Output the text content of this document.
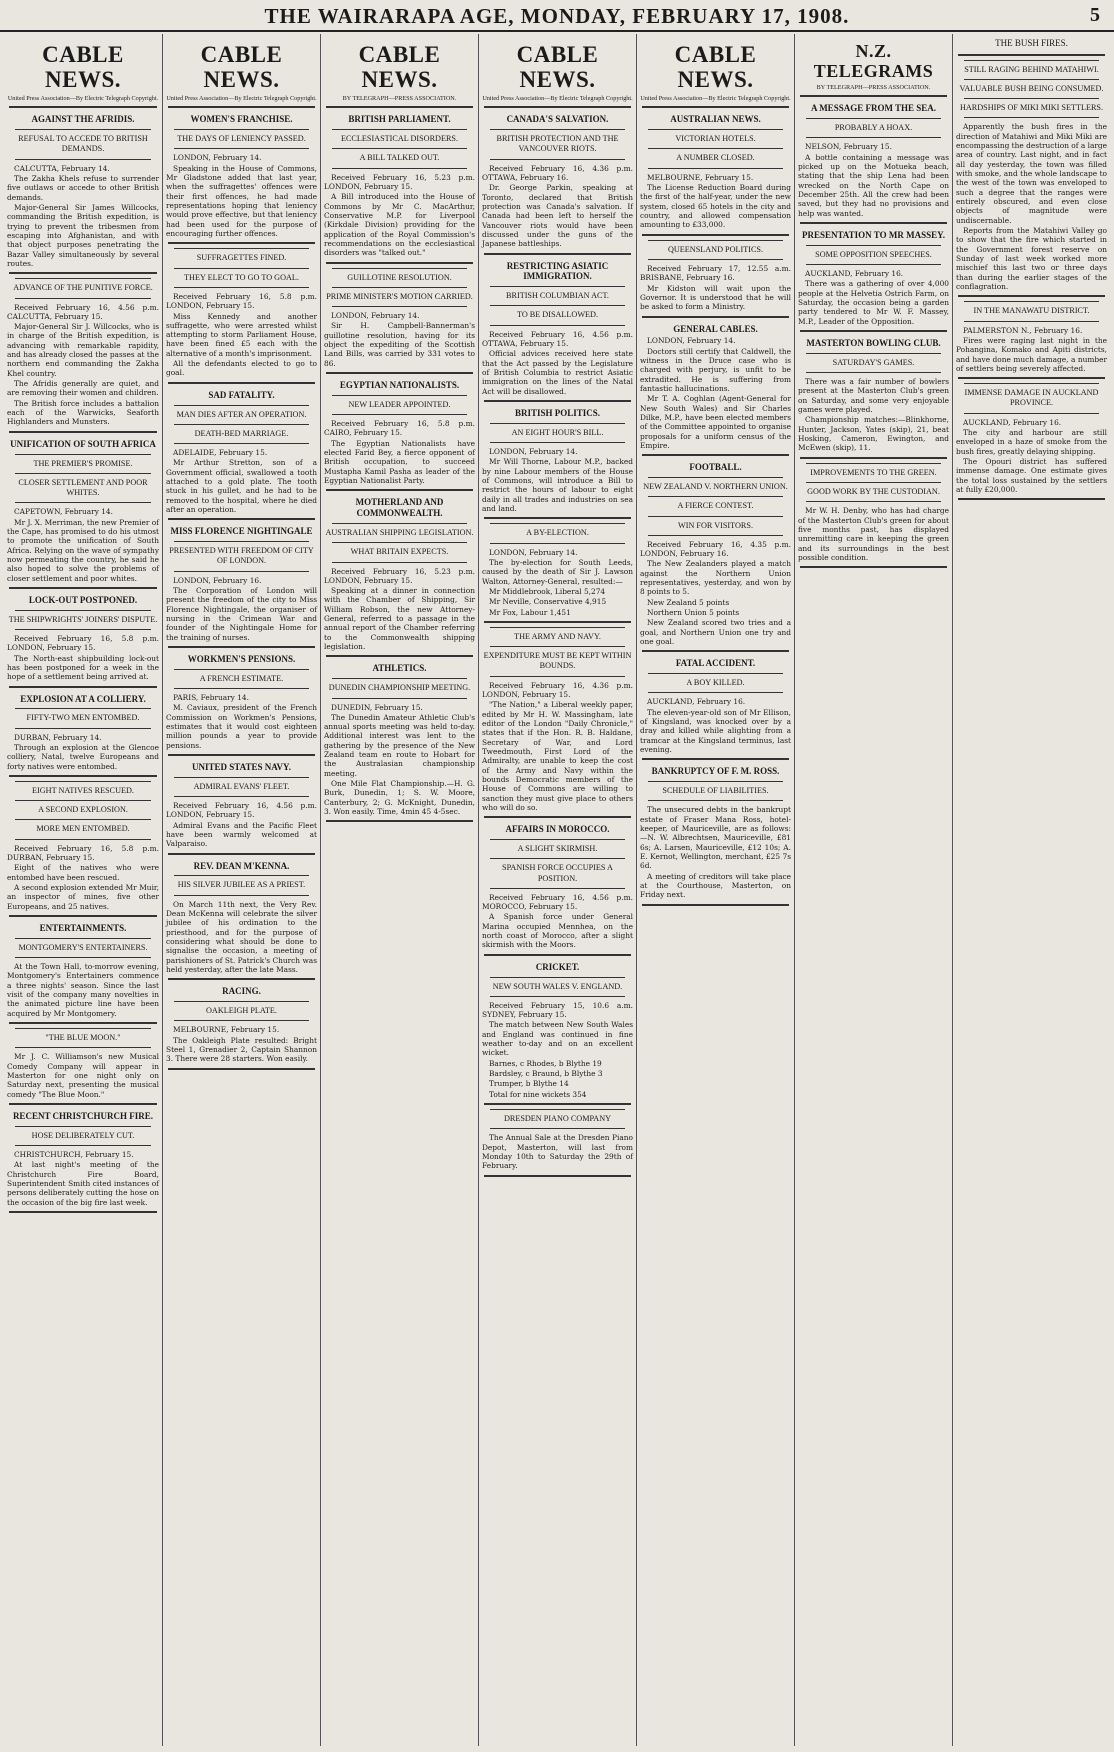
THE WAIRARAPA AGE, MONDAY, FEBRUARY 17, 1908.	5
CABLE NEWS.
United Press Association—By Electric Telegraph Copyright.
AGAINST THE AFRIDIS.
REFUSAL TO ACCEDE TO BRITISH DEMANDS.

CALCUTTA, February 14.

The Zakha Khels refuse to surrender five outlaws or accede to other British demands.

Major-General Sir James Willcocks, commanding the British expedition, is trying to prevent the tribesmen from escaping into Afghanistan, and with that object purposes penetrating the Bazar Valley simultaneously by several routes.

ADVANCE OF THE PUNITIVE FORCE.

Received February 16, 4.56 p.m. CALCUTTA, February 15.

Major-General Sir J. Willcocks, who is in charge of the British expedition, is advancing with remarkable rapidity, and has already closed the passes at the northern end commanding the Zakha Khel country.

The Afridis generally are quiet, and are removing their women and children.

The British force includes a battalion each of the Warwicks, Seaforth Highlanders and Munsters.

UNIFICATION OF SOUTH AFRICA
THE PREMIER'S PROMISE.
CLOSER SETTLEMENT AND POOR WHITES.

CAPETOWN, February 14.

Mr J. X. Merriman, the new Premier of the Cape, has promised to do his utmost to promote the unification of South Africa. Relying on the wave of sympathy now permeating the country, he said he also hoped to solve the problems of closer settlement and poor whites.

LOCK-OUT POSTPONED.
THE SHIPWRIGHTS' JOINERS' DISPUTE.

Received February 16, 5.8 p.m. LONDON, February 15.

The North-east shipbuilding lock-out has been postponed for a week in the hope of a settlement being arrived at.

EXPLOSION AT A COLLIERY.
FIFTY-TWO MEN ENTOMBED.

DURBAN, February 14.

Through an explosion at the Glencoe colliery, Natal, twelve Europeans and forty natives were entombed.

EIGHT NATIVES RESCUED.
A SECOND EXPLOSION.
MORE MEN ENTOMBED.

Received February 16, 5.8 p.m. DURBAN, February 15.

Eight of the natives who were entombed have been rescued.

A second explosion extended Mr Muir, an inspector of mines, five other Europeans, and 25 natives.

ENTERTAINMENTS.
MONTGOMERY'S ENTERTAINERS.

At the Town Hall, to-morrow evening, Montgomery's Entertainers commence a three nights' season. Since the last visit of the company many novelties in the animated picture line have been acquired by Mr Montgomery.

"THE BLUE MOON."

Mr J. C. Williamson's new Musical Comedy Company will appear in Masterton for one night only on Saturday next, presenting the musical comedy "The Blue Moon."

RECENT CHRISTCHURCH FIRE.
HOSE DELIBERATELY CUT.

CHRISTCHURCH, February 15.

At last night's meeting of the Christchurch Fire Board, Superintendent Smith cited instances of persons deliberately cutting the hose on the occasion of the big fire last week.

CABLE NEWS.
United Press Association—By Electric Telegraph Copyright.
WOMEN'S FRANCHISE.
THE DAYS OF LENIENCY PASSED.

LONDON, February 14.

Speaking in the House of Commons, Mr Gladstone added that last year, when the suffragettes' offences were their first offences, he had made representations hoping that leniency would prove effective, but that leniency had been used for the purpose of encouraging further offences.

SUFFRAGETTES FINED.
THEY ELECT TO GO TO GOAL.

Received February 16, 5.8 p.m. LONDON, February 15.

Miss Kennedy and another suffragette, who were arrested whilst attempting to storm Parliament House, have been fined £5 each with the alternative of a month's imprisonment.

All the defendants elected to go to goal.

SAD FATALITY.
MAN DIES AFTER AN OPERATION.
DEATH-BED MARRIAGE.

ADELAIDE, February 15.

Mr Arthur Stretton, son of a Government official, swallowed a tooth attached to a gold plate. The tooth stuck in his gullet, and he had to be removed to the hospital, where he died after an operation.

MISS FLORENCE NIGHTINGALE
PRESENTED WITH FREEDOM OF CITY OF LONDON.

LONDON, February 16.

The Corporation of London will present the freedom of the city to Miss Florence Nightingale, the organiser of nursing in the Crimean War and founder of the Nightingale Home for the training of nurses.

WORKMEN'S PENSIONS.
A FRENCH ESTIMATE.

PARIS, February 14.

M. Caviaux, president of the French Commission on Workmen's Pensions, estimates that it would cost eighteen million pounds a year to provide pensions.

UNITED STATES NAVY.
ADMIRAL EVANS' FLEET.

Received February 16, 4.56 p.m. LONDON, February 15.

Admiral Evans and the Pacific Fleet have been warmly welcomed at Valparaiso.

REV. DEAN M'KENNA.
HIS SILVER JUBILEE AS A PRIEST.

On March 11th next, the Very Rev. Dean McKenna will celebrate the silver jubilee of his ordination to the priesthood, and for the purpose of considering what should be done to signalise the occasion, a meeting of parishioners of St. Patrick's Church was held yesterday, after the late Mass.

RACING.
OAKLEIGH PLATE.

MELBOURNE, February 15.

The Oakleigh Plate resulted: Bright Steel 1, Grenadier 2, Captain Shannon 3. There were 28 starters. Won easily.

CABLE NEWS.
BY TELEGRAPH—PRESS ASSOCIATION.
BRITISH PARLIAMENT.
ECCLESIASTICAL DISORDERS.
A BILL TALKED OUT.

Received February 16, 5.23 p.m. LONDON, February 15.

A Bill introduced into the House of Commons by Mr C. MacArthur, Conservative M.P. for Liverpool (Kirkdale Division) providing for the application of the Royal Commission's recommendations on the ecclesiastical disorders was "talked out."

GUILLOTINE RESOLUTION.
PRIME MINISTER'S MOTION CARRIED.

LONDON, February 14.

Sir H. Campbell-Bannerman's guillotine resolution, having for its object the expediting of the Scottish Land Bills, was carried by 331 votes to 86.

EGYPTIAN NATIONALISTS.
NEW LEADER APPOINTED.

Received February 16, 5.8 p.m. CAIRO, February 15.

The Egyptian Nationalists have elected Farid Bey, a fierce opponent of British occupation, to succeed Mustapha Kamil Pasha as leader of the Egyptian Nationalist Party.

MOTHERLAND AND COMMONWEALTH.
AUSTRALIAN SHIPPING LEGISLATION.
WHAT BRITAIN EXPECTS.

Received February 16, 5.23 p.m. LONDON, February 15.

Speaking at a dinner in connection with the Chamber of Shipping, Sir William Robson, the new Attorney-General, referred to a passage in the annual report of the Chamber referring to the Commonwealth shipping legislation.

ATHLETICS.
DUNEDIN CHAMPIONSHIP MEETING.

DUNEDIN, February 15.

The Dunedin Amateur Athletic Club's annual sports meeting was held to-day. Additional interest was lent to the gathering by the presence of the New Zealand team en route to Hobart for the Australasian championship meeting.

One Mile Flat Championship.—H. G. Burk, Dunedin, 1; S. W. Moore, Canterbury, 2; G. McKnight, Dunedin, 3. Won easily. Time, 4min 45 4-5sec.

CABLE NEWS.
United Press Association—By Electric Telegraph Copyright.
CANADA'S SALVATION.
BRITISH PROTECTION AND THE VANCOUVER RIOTS.

Received February 16, 4.36 p.m. OTTAWA, February 16.

Dr. George Parkin, speaking at Toronto, declared that British protection was Canada's salvation. If Canada had been left to herself the Vancouver riots would have been discussed under the guns of the Japanese battleships.

RESTRICTING ASIATIC IMMIGRATION.
BRITISH COLUMBIAN ACT.
TO BE DISALLOWED.

Received February 16, 4.56 p.m. OTTAWA, February 15.

Official advices received here state that the Act passed by the Legislature of British Columbia to restrict Asiatic immigration on the lines of the Natal Act will be disallowed.

BRITISH POLITICS.
AN EIGHT HOUR'S BILL.

LONDON, February 14.

Mr Will Thorne, Labour M.P., backed by nine Labour members of the House of Commons, will introduce a Bill to restrict the hours of labour to eight daily in all trades and industries on sea and land.

A BY-ELECTION.

LONDON, February 14.

The by-election for South Leeds, caused by the death of Sir J. Lawson Walton, Attorney-General, resulted:—

Mr Middlebrook, Liberal 5,274

Mr Neville, Conservative 4,915

Mr Fox, Labour 1,451

THE ARMY AND NAVY.
EXPENDITURE MUST BE KEPT WITHIN BOUNDS.

Received February 16, 4.36 p.m. LONDON, February 15.

"The Nation," a Liberal weekly paper, edited by Mr H. W. Massingham, late editor of the London "Daily Chronicle," states that if the Hon. R. B. Haldane, Secretary of War, and Lord Tweedmouth, First Lord of the Admiralty, are unable to keep the cost of the Army and Navy within the bounds Democratic members of the House of Commons are willing to sanction they must give place to others who will do so.

AFFAIRS IN MOROCCO.
A SLIGHT SKIRMISH.
SPANISH FORCE OCCUPIES A POSITION.

Received February 16, 4.56 p.m. MOROCCO, February 15.

A Spanish force under General Marina occupied Mennhea, on the north coast of Morocco, after a slight skirmish with the Moors.

CRICKET.
NEW SOUTH WALES V. ENGLAND.

Received February 15, 10.6 a.m. SYDNEY, February 15.

The match between New South Wales and England was continued in fine weather to-day and on an excellent wicket.

Barnes, c Rhodes, b Blythe 19

Bardsley, c Braund, b Blythe 3

Trumper, b Blythe 14

Total for nine wickets 354

DRESDEN PIANO COMPANY

The Annual Sale at the Dresden Piano Depot, Masterton, will last from Monday 10th to Saturday the 29th of February.

CABLE NEWS.
United Press Association—By Electric Telegraph Copyright.
AUSTRALIAN NEWS.
VICTORIAN HOTELS.
A NUMBER CLOSED.

MELBOURNE, February 15.

The License Reduction Board during the first of the half-year, under the new system, closed 65 hotels in the city and country, and allowed compensation amounting to £33,000.

QUEENSLAND POLITICS.

Received February 17, 12.55 a.m. BRISBANE, February 16.

Mr Kidston will wait upon the Governor. It is understood that he will be asked to form a Ministry.

GENERAL CABLES.

LONDON, February 14.

Doctors still certify that Caldwell, the witness in the Druce case who is charged with perjury, is unfit to be extradited. He is suffering from fantastic hallucinations.

Mr T. A. Coghlan (Agent-General for New South Wales) and Sir Charles Dilke, M.P., have been elected members of the Committee appointed to organise proposals for a uniform census of the Empire.

FOOTBALL.
NEW ZEALAND V. NORTHERN UNION.
A FIERCE CONTEST.
WIN FOR VISITORS.

Received February 16, 4.35 p.m. LONDON, February 16.

The New Zealanders played a match against the Northern Union representatives, yesterday, and won by 8 points to 5.

New Zealand 5 points

Northern Union 5 points

New Zealand scored two tries and a goal, and Northern Union one try and one goal.

FATAL ACCIDENT.
A BOY KILLED.

AUCKLAND, February 16.

The eleven-year-old son of Mr Ellison, of Kingsland, was knocked over by a dray and killed while alighting from a tramcar at the Kingsland terminus, last evening.

BANKRUPTCY OF F. M. ROSS.
SCHEDULE OF LIABILITIES.

The unsecured debts in the bankrupt estate of Fraser Mana Ross, hotel-keeper, of Mauriceville, are as follows:—N. W. Albrechtsen, Mauriceville, £81 6s; A. Larsen, Mauriceville, £12 10s; A. E. Kernot, Wellington, merchant, £25 7s 6d.

A meeting of creditors will take place at the Courthouse, Masterton, on Friday next.

N.Z. TELEGRAMS
BY TELEGRAPH—PRESS ASSOCIATION.
A MESSAGE FROM THE SEA.
PROBABLY A HOAX.

NELSON, February 15.

A bottle containing a message was picked up on the Motueka beach, stating that the ship Lena had been wrecked on the North Cape on December 25th. All the crew had been saved, but they had no provisions and help was wanted.

PRESENTATION TO MR MASSEY.
SOME OPPOSITION SPEECHES.

AUCKLAND, February 16.

There was a gathering of over 4,000 people at the Helvetia Ostrich Farm, on Saturday, the occasion being a garden party tendered to Mr W. F. Massey, M.P., Leader of the Opposition.

MASTERTON BOWLING CLUB.
SATURDAY'S GAMES.

There was a fair number of bowlers present at the Masterton Club's green on Saturday, and some very enjoyable games were played.

Championship matches:—Blinkhorne, Hunter, Jackson, Yates (skip), 21, beat Hosking, Cameron, Ewington, and McEwen (skip), 11.

IMPROVEMENTS TO THE GREEN.
GOOD WORK BY THE CUSTODIAN.

Mr W. H. Denby, who has had charge of the Masterton Club's green for about five months past, has displayed unremitting care in keeping the green and its surroundings in the best possible condition.

THE BUSH FIRES.
STILL RAGING BEHIND MATAHIWI.
VALUABLE BUSH BEING CONSUMED.
HARDSHIPS OF MIKI MIKI SETTLERS.

Apparently the bush fires in the direction of Matahiwi and Miki Miki are encompassing the destruction of a large area of country. Last night, and in fact all day yesterday, the town was filled with smoke, and the whole landscape to the west of the town was enveloped to such a degree that the ranges were entirely obscured, and even close objects of magnitude were undiscernable.

Reports from the Matahiwi Valley go to show that the fire which started in the Government forest reserve on Sunday of last week worked more mischief this last two or three days than during the earlier stages of the conflagration.

IN THE MANAWATU DISTRICT.

PALMERSTON N., February 16.

Fires were raging last night in the Pohangina, Komako and Apiti districts, and have done much damage, a number of settlers being severely affected.

IMMENSE DAMAGE IN AUCKLAND PROVINCE.

AUCKLAND, February 16.

The city and harbour are still enveloped in a haze of smoke from the bush fires, greatly delaying shipping.

The Opouri district has suffered immense damage. One estimate gives the total loss sustained by the settlers at fully £20,000.
